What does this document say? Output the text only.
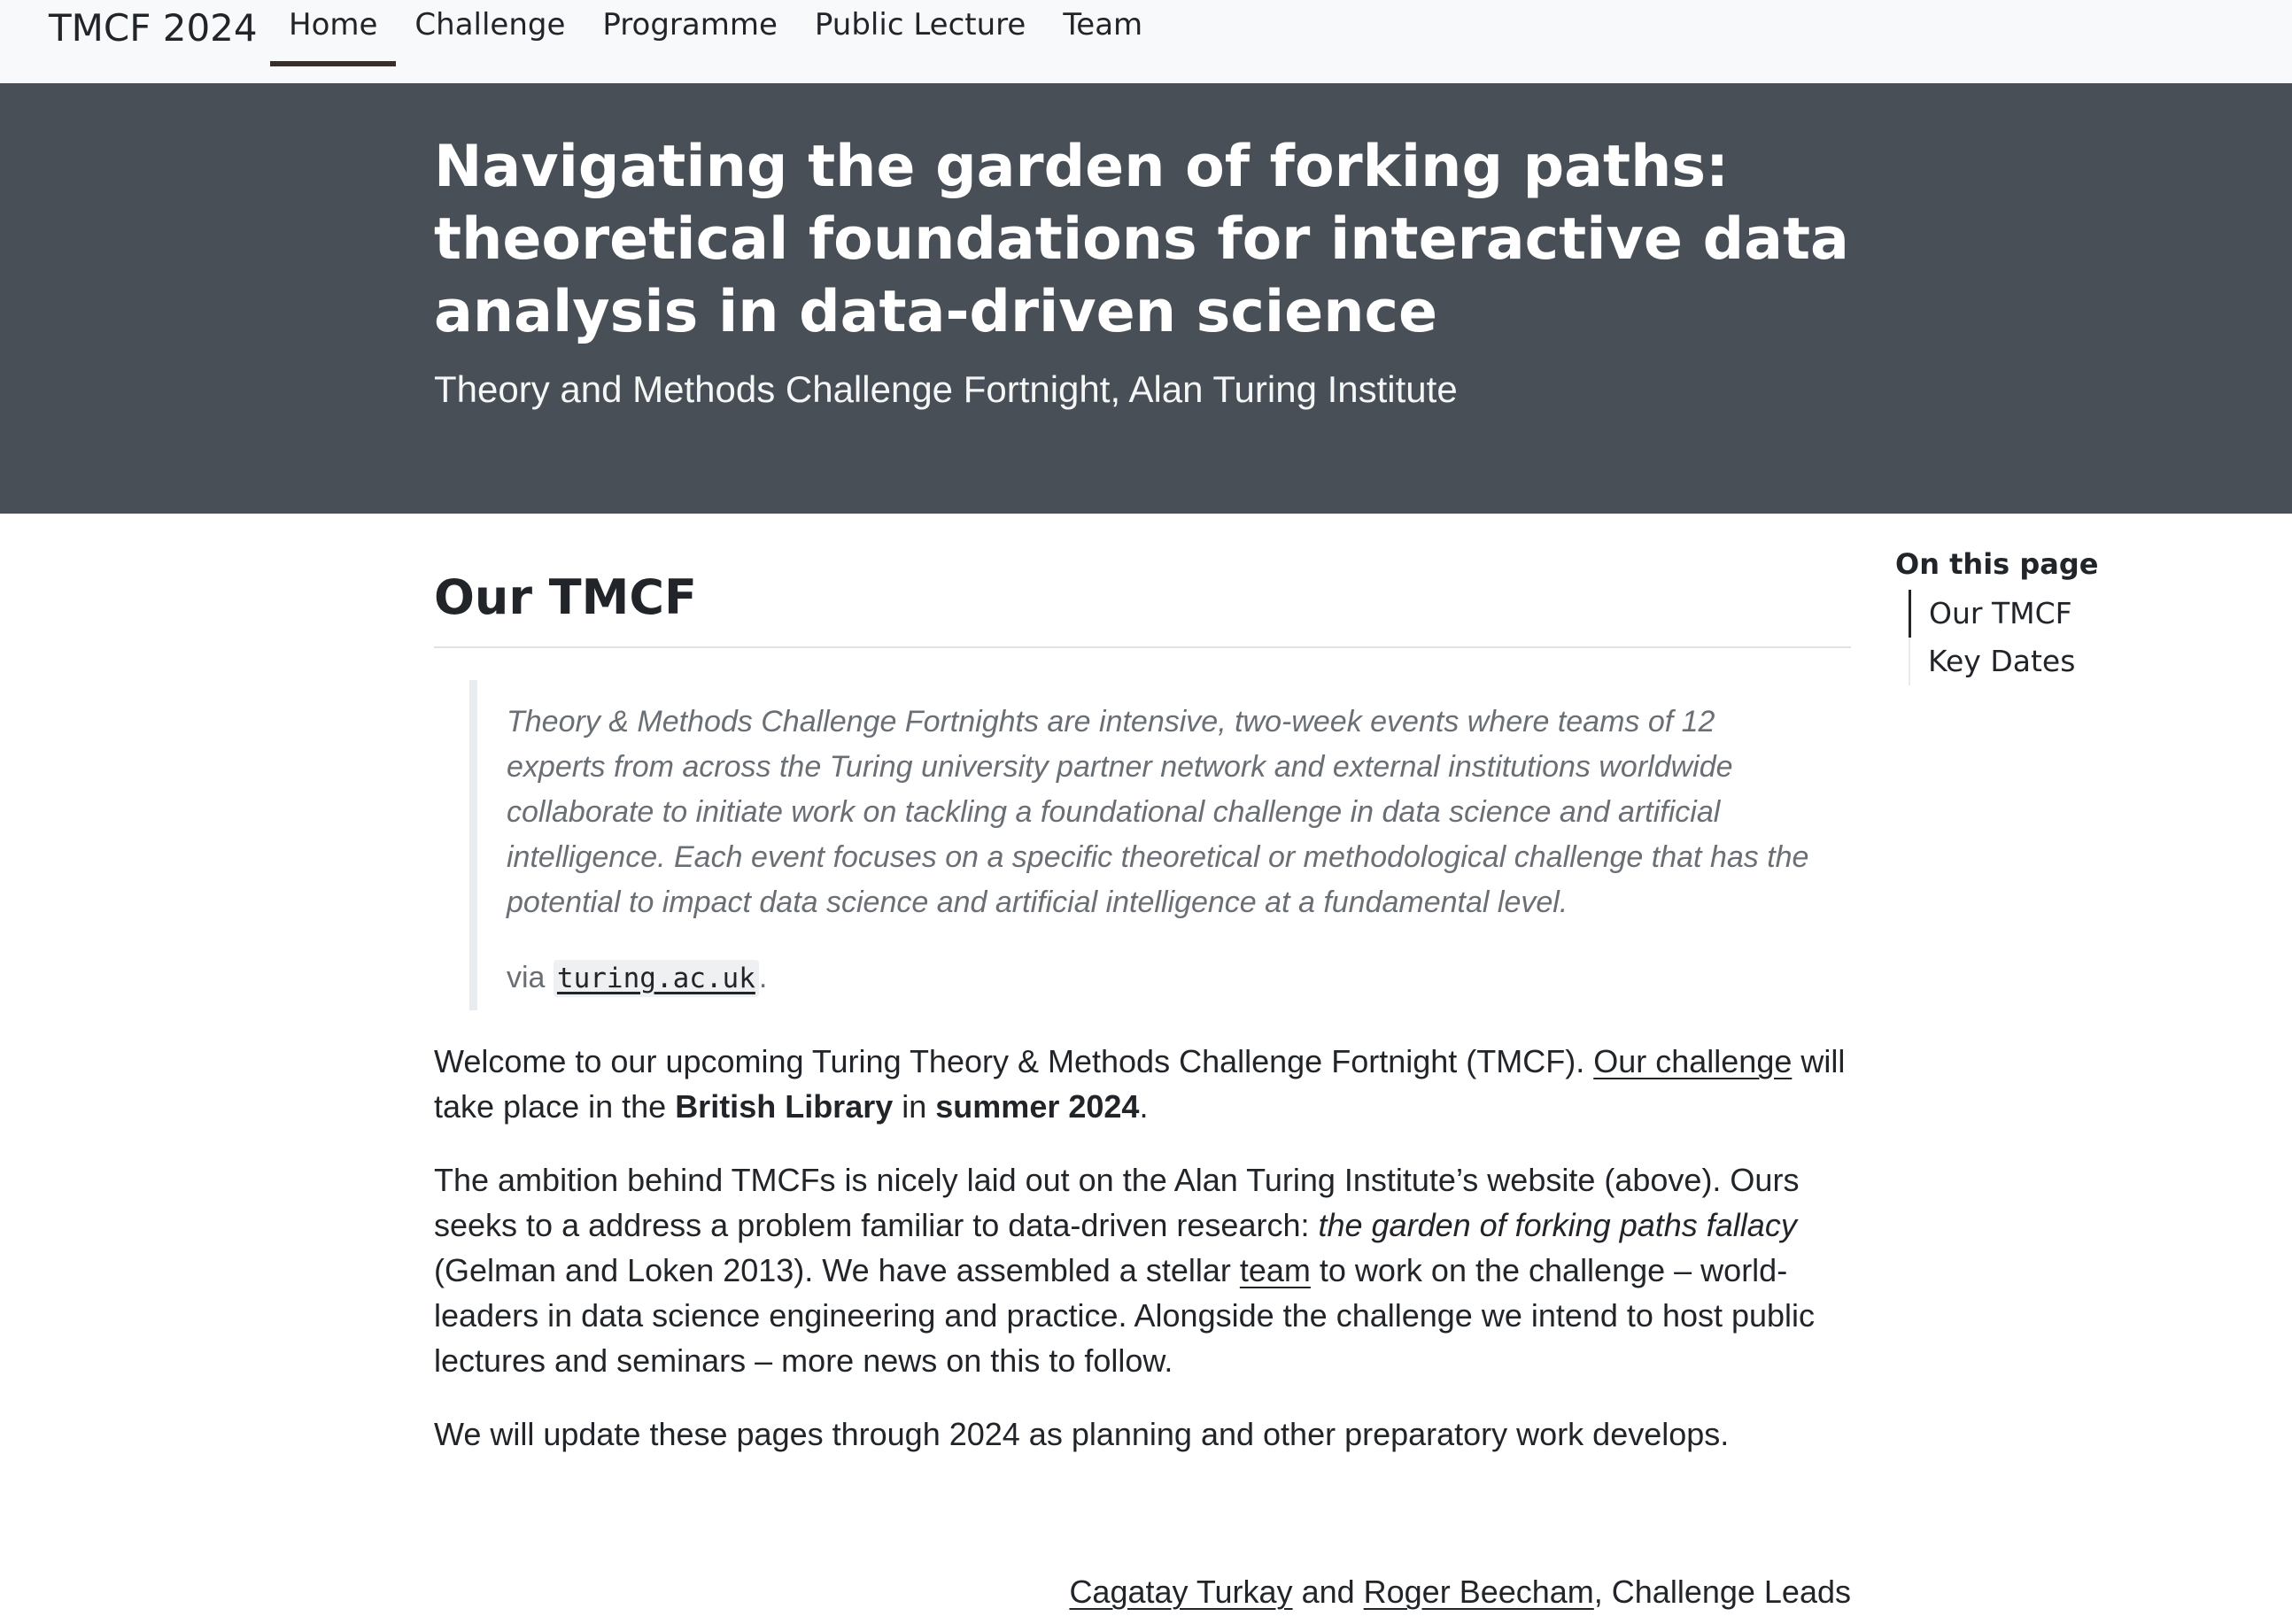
TMCF 2024	Home	Challenge	Programme	Public Lecture	Team
Navigating the garden of forking paths: theoretical foundations for interactive data analysis in data-driven science

Theory and Methods Challenge Fortnight, Alan Turing Institute

Our TMCF

Theory & Methods Challenge Fortnights are intensive, two-week events where teams of 12 experts from across the Turing university partner network and external institutions worldwide collaborate to initiate work on tackling a foundational challenge in data science and artificial intelligence. Each event focuses on a specific theoretical or methodological challenge that has the potential to impact data science and artificial intelligence at a fundamental level.

via turing.ac.uk .

Welcome to our upcoming Turing Theory & Methods Challenge Fortnight (TMCF). Our challenge will take place in the British Library in summer 2024.

The ambition behind TMCFs is nicely laid out on the Alan Turing Institute’s website (above). Ours seeks to a address a problem familiar to data-driven research: the garden of forking paths fallacy (Gelman and Loken 2013). We have assembled a stellar team to work on the challenge – world-leaders in data science engineering and practice. Alongside the challenge we intend to host public lectures and seminars – more news on this to follow.

We will update these pages through 2024 as planning and other preparatory work develops.

Cagatay Turkay and Roger Beecham, Challenge Leads

On this page

Our TMCF
Key Dates
